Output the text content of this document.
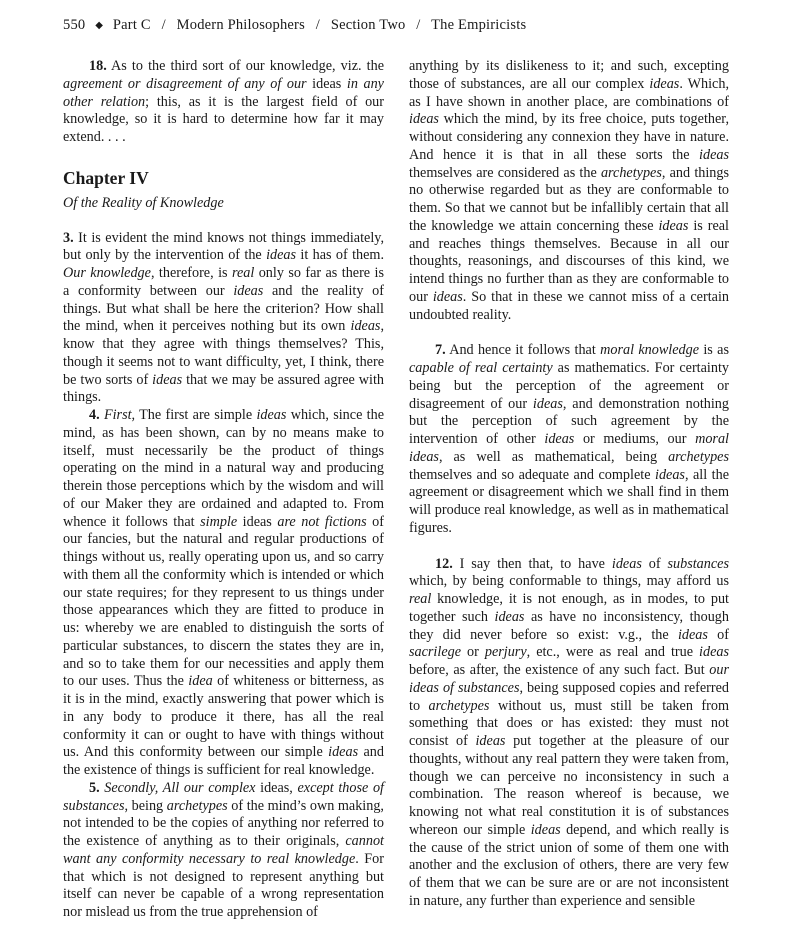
550 ◆ Part C / Modern Philosophers / Section Two / The Empiricists

18. As to the third sort of our knowledge, viz. the agreement or disagreement of any of our ideas in any other relation; this, as it is the largest field of our knowledge, so it is hard to determine how far it may extend. . . .

Chapter IV
Of the Reality of Knowledge

3. It is evident the mind knows not things immediately, but only by the intervention of the ideas it has of them. Our knowledge, therefore, is real only so far as there is a conformity between our ideas and the reality of things. But what shall be here the criterion? How shall the mind, when it perceives nothing but its own ideas, know that they agree with things themselves? This, though it seems not to want difficulty, yet, I think, there be two sorts of ideas that we may be assured agree with things.

4. First, The first are simple ideas which, since the mind, as has been shown, can by no means make to itself, must necessarily be the product of things operating on the mind in a natural way and producing therein those perceptions which by the wisdom and will of our Maker they are ordained and adapted to. From whence it follows that simple ideas are not fictions of our fancies, but the natural and regular productions of things without us, really operating upon us, and so carry with them all the conformity which is intended or which our state requires; for they represent to us things under those appearances which they are fitted to produce in us: whereby we are enabled to distinguish the sorts of particular substances, to discern the states they are in, and so to take them for our necessities and apply them to our uses. Thus the idea of whiteness or bitterness, as it is in the mind, exactly answering that power which is in any body to produce it there, has all the real conformity it can or ought to have with things without us. And this conformity between our simple ideas and the existence of things is sufficient for real knowledge.

5. Secondly, All our complex ideas, except those of substances, being archetypes of the mind’s own making, not intended to be the copies of anything nor referred to the existence of anything as to their originals, cannot want any conformity necessary to real knowledge. For that which is not designed to represent anything but itself can never be capable of a wrong representation nor mislead us from the true apprehension of

anything by its dislikeness to it; and such, excepting those of substances, are all our complex ideas. Which, as I have shown in another place, are combinations of ideas which the mind, by its free choice, puts together, without considering any connexion they have in nature. And hence it is that in all these sorts the ideas themselves are considered as the archetypes, and things no otherwise regarded but as they are conformable to them. So that we cannot but be infallibly certain that all the knowledge we attain concerning these ideas is real and reaches things themselves. Because in all our thoughts, reasonings, and discourses of this kind, we intend things no further than as they are conformable to our ideas. So that in these we cannot miss of a certain undoubted reality.

7. And hence it follows that moral knowledge is as capable of real certainty as mathematics. For certainty being but the perception of the agreement or disagreement of our ideas, and demonstration nothing but the perception of such agreement by the intervention of other ideas or mediums, our moral ideas, as well as mathematical, being archetypes themselves and so adequate and complete ideas, all the agreement or disagreement which we shall find in them will produce real knowledge, as well as in mathematical figures.

12. I say then that, to have ideas of substances which, by being conformable to things, may afford us real knowledge, it is not enough, as in modes, to put together such ideas as have no inconsistency, though they did never before so exist: v.g., the ideas of sacrilege or perjury, etc., were as real and true ideas before, as after, the existence of any such fact. But our ideas of substances, being supposed copies and referred to archetypes without us, must still be taken from something that does or has existed: they must not consist of ideas put together at the pleasure of our thoughts, without any real pattern they were taken from, though we can perceive no inconsistency in such a combination. The reason whereof is because, we knowing not what real constitution it is of substances whereon our simple ideas depend, and which really is the cause of the strict union of some of them one with another and the exclusion of others, there are very few of them that we can be sure are or are not inconsistent in nature, any further than experience and sensible
